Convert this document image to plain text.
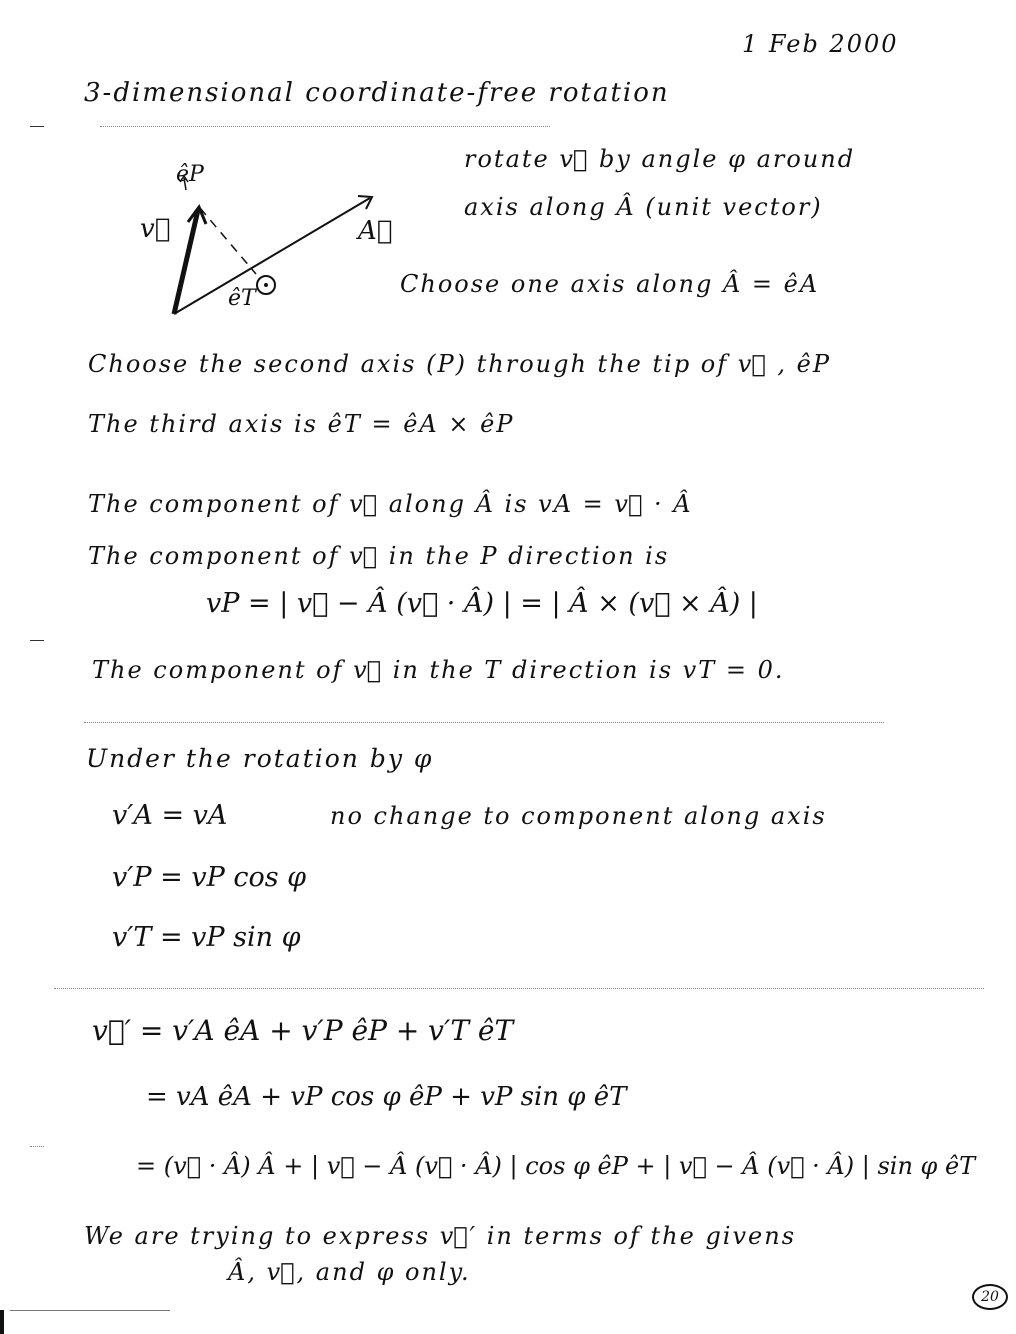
1 Feb 2000
3-dimensional coordinate-free rotation
êP
v⃗	A⃗
êT
rotate v⃗ by angle φ around
axis along Â (unit vector)
Choose one axis along Â = êA
Choose the second axis (P) through the tip of v⃗ , êP
The third axis is êT = êA × êP
The component of v⃗ along Â is vA = v⃗ · Â
The component of v⃗ in the P direction is
vP = | v⃗ − Â (v⃗ · Â) | = | Â × (v⃗ × Â) |
The component of v⃗ in the T direction is vT = 0.
Under the rotation by φ
v′A = vA	no change to component along axis
v′P = vP cos φ
v′T = vP sin φ
v⃗′ = v′A êA + v′P êP + v′T êT
= vA êA + vP cos φ êP + vP sin φ êT
= (v⃗ · Â) Â + | v⃗ − Â (v⃗ · Â) | cos φ êP + | v⃗ − Â (v⃗ · Â) | sin φ êT
We are trying to express v⃗′ in terms of the givens
Â, v⃗, and φ only.
20
